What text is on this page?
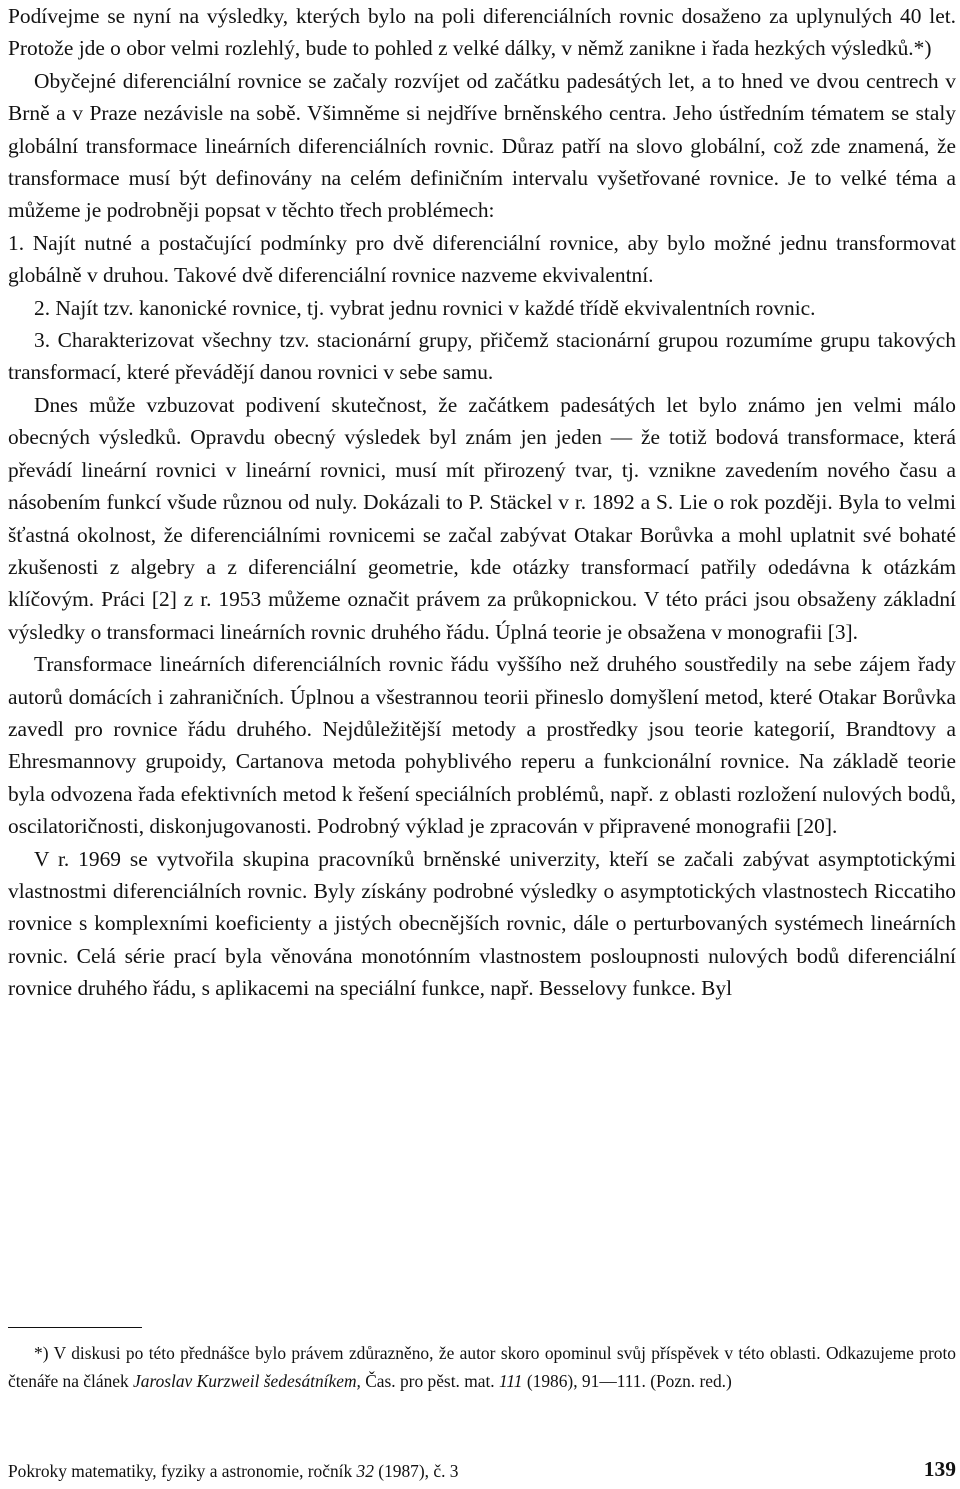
Podívejme se nyní na výsledky, kterých bylo na poli diferenciálních rovnic dosaženo za uplynulých 40 let. Protože jde o obor velmi rozlehlý, bude to pohled z velké dálky, v němž zanikne i řada hezkých výsledků.*)

Obyčejné diferenciální rovnice se začaly rozvíjet od začátku padesátých let, a to hned ve dvou centrech v Brně a v Praze nezávisle na sobě. Všimněme si nejdříve brněnského centra. Jeho ústředním tématem se staly globální transformace lineárních diferenciálních rovnic. Důraz patří na slovo globální, což zde znamená, že transformace musí být definovány na celém definičním intervalu vyšetřované rovnice. Je to velké téma a můžeme je podrobněji popsat v těchto třech problémech:

1. Najít nutné a postačující podmínky pro dvě diferenciální rovnice, aby bylo možné jednu transformovat globálně v druhou. Takové dvě diferenciální rovnice nazveme ekvivalentní.

2. Najít tzv. kanonické rovnice, tj. vybrat jednu rovnici v každé třídě ekvivalentních rovnic.

3. Charakterizovat všechny tzv. stacionární grupy, přičemž stacionární grupou rozumíme grupu takových transformací, které převádějí danou rovnici v sebe samu.

Dnes může vzbuzovat podivení skutečnost, že začátkem padesátých let bylo známo jen velmi málo obecných výsledků. Opravdu obecný výsledek byl znám jen jeden — že totiž bodová transformace, která převádí lineární rovnici v lineární rovnici, musí mít přirozený tvar, tj. vznikne zavedením nového času a násobením funkcí všude různou od nuly. Dokázali to P. Stäckel v r. 1892 a S. Lie o rok později. Byla to velmi šťastná okolnost, že diferenciálními rovnicemi se začal zabývat Otakar Borůvka a mohl uplatnit své bohaté zkušenosti z algebry a z diferenciální geometrie, kde otázky transformací patřily odedávna k otázkám klíčovým. Práci [2] z r. 1953 můžeme označit právem za průkopnickou. V této práci jsou obsaženy základní výsledky o transformaci lineárních rovnic druhého řádu. Úplná teorie je obsažena v monografii [3].

Transformace lineárních diferenciálních rovnic řádu vyššího než druhého soustředily na sebe zájem řady autorů domácích i zahraničních. Úplnou a všestrannou teorii přineslo domyšlení metod, které Otakar Borůvka zavedl pro rovnice řádu druhého. Nejdůležitější metody a prostředky jsou teorie kategorií, Brandtovy a Ehresmannovy grupoidy, Cartanova metoda pohyblivého reperu a funkcionální rovnice. Na základě teorie byla odvozena řada efektivních metod k řešení speciálních problémů, např. z oblasti rozložení nulových bodů, oscilatoričnosti, diskonjugovanosti. Podrobný výklad je zpracován v připravené monografii [20].

V r. 1969 se vytvořila skupina pracovníků brněnské univerzity, kteří se začali zabývat asymptotickými vlastnostmi diferenciálních rovnic. Byly získány podrobné výsledky o asymptotických vlastnostech Riccatiho rovnice s komplexními koeficienty a jistých obecnějších rovnic, dále o perturbovaných systémech lineárních rovnic. Celá série prací byla věnována monotónním vlastnostem posloupnosti nulových bodů diferenciální rovnice druhého řádu, s aplikacemi na speciální funkce, např. Besselovy funkce. Byl

*) V diskusi po této přednášce bylo právem zdůrazněno, že autor skoro opominul svůj příspěvek v této oblasti. Odkazujeme proto čtenáře na článek Jaroslav Kurzweil šedesátníkem, Čas. pro pěst. mat. 111 (1986), 91—111. (Pozn. red.)

Pokroky matematiky, fyziky a astronomie, ročník 32 (1987), č. 3	139
